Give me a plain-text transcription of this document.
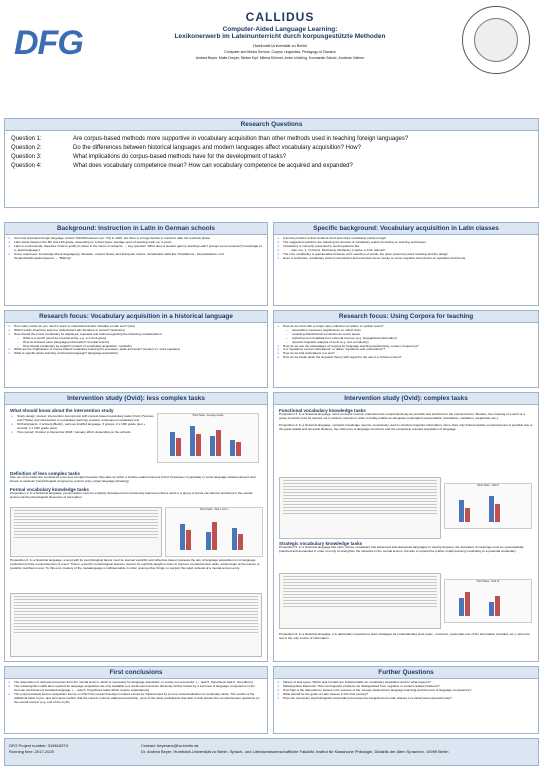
DFG
CALLIDUS
Computer-Aided Language Learning:
Lexikonerwerb im Lateinunterricht durch korpusgestützte Methoden
Humboldt-Universität zu Berlin
Computer and Media Service, Corpus Linguistics, Pedagogy of Classics
Andrea Beyer, Malte Dreyer, Stefan Kipf, Milena Klünner, Anke Lüdeling, Konstantin Schulz, Andreas Vollmer
Research Questions
Question 1:	Are corpus-based methods more supportive in vocabulary acquisition than other methods used in teaching foreign languages?
Question 2:	Do the differences between historical languages and modern languages affect vocabulary acquisition? How?
Question 3:	What implications do corpus-based methods have for the development of tasks?
Question 4:	What does vocabulary competence mean? How can vocabulary competence be acquired and expanded?
Background: Instruction in Latin in German schools
➢ 3rd most important foreign language: almost 700.000 learners (ca. 7%) in 2015, but there is a huge decline in numbers after the textbook phase
➢ Latin starts between the 5th and 11th grade, depending on school types; average span of learning Latin ca. 4 years
➢ Latin is controversial, therefore it has to justify its place in the canon of subjects. → Key question: What does a student gain by learning Latin? (except some (useless?) knowledge of a „dead language")
➢ Some responses: knowledge about language(s), literature, ancient history and European culture, transferable skills like Translations-, Interpretations- und Textarschließungskompetenz → "Bildung"
Specific background: Vocabulary acquisition in Latin classes
➢ A known problem is that students don't learn their vocabulary (well) enough.
➢ The suggested solutions are reducing the amount of vocabulary and/or focussing on learning techniques.
➢ Vocabulary is currently presented in word equations like
➢ nato | ire, ii, I (Umruf), Rechnung, Methode | (maybe +) F.W. rationell .
➢ The core vocabulary is questionable because of its selection of words, the given (German) word meaning and the design.
➢ Even in textbooks, vocabulary work is inconsistent and exercises focus mostly on a low cognitive level (focus on repetition and forms).
Research focus: Vocabulary acquisition in a historical language
➢ How many words do you need to learn to understand and/or translate a Latin text? (size)
➢ Which words should be learnt to understand Latin literature in school? (selection)
➢ How should the (core) vocabulary be displayed, repeated and trained regarding the following considerations:
– What is a word? (word as a lexical entity, e.g. a 1-/2-/3-gram)
– How do humans store (language) information? (mental lexicon)
– How should vocabulary be taught? (models of vocabulary acquisition, methods)
➢ What are the implications of corpus-based vocabulary learning for exercises, tasks and tests? (context vs. word equation)
➢ What is specific about learning a historical language? (language acquisition)
Research focus: Using Corpora for teaching
➢ How do we work with a corpus (any collection of written or spoken texts)?
– association measures (significance vs. effect size)
– modeling distributional semantics as vector space
– retrieving text metadata from external sources (e.g. biographical information)
– dynamic linguistic analysis of texts (e.g. text complexity)
➢ How do we use the advantages of corpora for language teaching (authenticity, context, frequency)?
➢ Is it "equations versus collocations" or rather "equations and collocations"?
➢ How do we find collocations in a text?
➢ How do we break down the linguistic theory with regard to the use in a school context?
Intervention study (Ovid): less complex tasks
What should know about the intervention study
➢ Study design: pretest, intervention (test groups with context-based vocabulary tasks (Ovid, Pyramus and Thisbe) and introduction to vocabulary learning; posttest, subsequent vocabulary test
➢ 60 Participants: 3 schools (Berlin), Latin as 2nd/3rd language, 3 groups: 2 x 10th grade (test + control), 1 x 10th grade (test)
➢ Time period: October to December 2018 / January 2019, depending on the schools
Word Tasks - Average results
Definition of less complex tasks
Five out of ten tasks are considered to be less complex because they take up either a surface-related element (Ovid: hexameter, hyperbata) or some language-related element well known to students (morphological congruency, lexicon entry, target language phrasing).
Formal vocabulary knowledge tasks
Proposition 1: In a historical language, pronunciation must be explicitly developed and consciously learned so that a word or a group of words can also be anchored in the mental lexicon via the phonological dimension of perception.
Word Tasks - Task 1 and 2
Proposition 2: In a historical language, a word with its morphological facets must be learned explicitly and reflection-based, because the aim of language acquisition is not language production but the comprehension of a text. That is, a word's morphological features need to be explicitly taught in order to improve comprehension skills, words begin at the learner or possibly morpheme level. To this end, mastery of the metalanguage is indispensable in order, among other things, to support the rapid retrieval of a mental lexicon entry.
Intervention study (Ovid): complex tasks
Functional vocabulary knowledge tasks
Proposition 3: In a historical language, word concepts must be understood as comprehensively as possible and anchored in the mental lexicon. Besides, the meaning of a word or a group of words must be worked out in various contexts in order to finally enable an adequate meaningful representation (translation, mediation, paraphrase etc.).
Proposition 4: In a historical language, syntactic knowledge must be consciously used to structure linguistic information, since often only limited intuitive comprehension is possible due to the great spatial and temporal distance, the otherness of language structures and the receptively oriented acquisition of language.
Word Tasks - Task 8
Strategic vocabulary knowledge tasks
Proposition 5: In a historical language like Latin, whose vocabulary has influenced Indo-European languages to varying degrees, the derivation of meanings must be systematically practiced and demanded in order not only to strengthen the networks in the mental lexicon, but also to expand the (rather small) learning vocabulary to a potential vocabulary.
Word Tasks - Task 10
Proposition 6: In a historical language, it is particularly important to learn strategies for understanding texts (topic - comment, systematic use of the information provided, etc.), since the text is the only source of information.
First conclusions
➢ The automation of retrieval processes from the mental lexicon, which is necessary for language acquisition, is mostly not successful. (→ task 5, Hypothesis task 6, Grundform).
➢ The metacognition skills also required for language acquisition are only available to a small extent and are obviously further limited by a low level of language competence in the German (technical or) standard language. (→ task 5, Hypothesis tasks which require explanations).
➢ The (corpus-based) lexicon acquisition theory on which the research design is based cannot be implemented by a mere contextualization of vocabulary tasks. The results of the additional tasks in pre- and post-tests confirm that the context must be addressed explicitly; none of the study participants was able to fully answer the comprehension questions on the overall context (e.g. end of the myth).
Further Questions
➢ Variety of task types: Which task formats are indispensable for vocabulary acquisition and for what reasons?
➢ Metacognitive Elements: How can linguistic problems be distinguished from cognitive or content-related problems?
➢ How high is the dependency between the success of the concept (state-driven language learning) and the level of language competence?
➢ What should be the goals of Latin classes in the 21st century?
➢ How can necessary psycholinguistic automation processes be integrated into Latin classes in a varied and purposeful way?
DFG Project number: 316618374
Running time: 2017-2020
Contact: beyeranz@hu-berlin.de
Dr. Andrea Beyer, Humboldt-Universität zu Berlin, Sprach- und Literaturwissenschaftliche Fakultät, Institut für Klassische Philologie, Didaktik der Alten Sprachen, 10099 Berlin
